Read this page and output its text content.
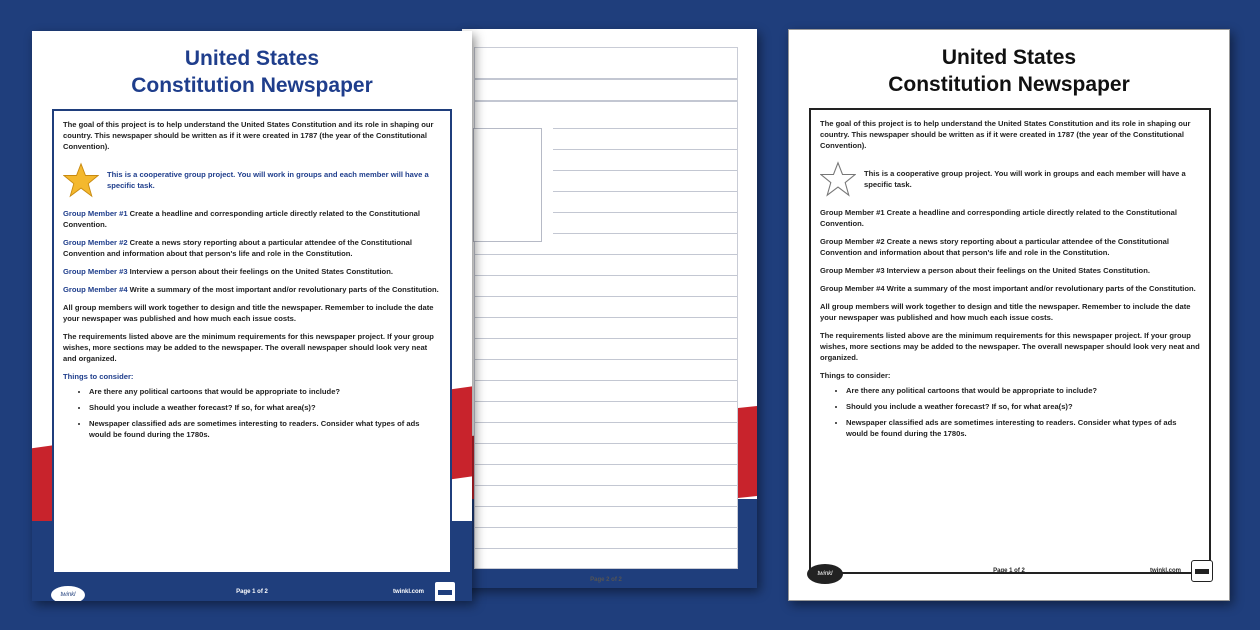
Page 2 of 2
United States
Constitution Newspaper

The goal of this project is to help understand the United States Constitution and its role in shaping our country. This newspaper should be written as if it were created in 1787 (the year of the Constitutional Convention).

This is a cooperative group project. You will work in groups and each member will have a specific task.

Group Member #1 Create a headline and corresponding article directly related to the Constitutional Convention.

Group Member #2 Create a news story reporting about a particular attendee of the Constitutional Convention and information about that person's life and role in the Constitution.

Group Member #3 Interview a person about their feelings on the United States Constitution.

Group Member #4 Write a summary of the most important and/or revolutionary parts of the Constitution.

All group members will work together to design and title the newspaper. Remember to include the date your newspaper was published and how much each issue costs.

The requirements listed above are the minimum requirements for this newspaper project. If your group wishes, more sections may be added to the newspaper. The overall newspaper should look very neat and organized.

Things to consider:
• Are there any political cartoons that would be appropriate to include?
• Should you include a weather forecast? If so, for what area(s)?
• Newspaper classified ads are sometimes interesting to readers. Consider what types of ads would be found during the 1780s.
twinkl	Page 1 of 2	twinkl.com
United States
Constitution Newspaper

The goal of this project is to help understand the United States Constitution and its role in shaping our country. This newspaper should be written as if it were created in 1787 (the year of the Constitutional Convention).

This is a cooperative group project. You will work in groups and each member will have a specific task.

Group Member #1 Create a headline and corresponding article directly related to the Constitutional Convention.

Group Member #2 Create a news story reporting about a particular attendee of the Constitutional Convention and information about that person's life and role in the Constitution.

Group Member #3 Interview a person about their feelings on the United States Constitution.

Group Member #4 Write a summary of the most important and/or revolutionary parts of the Constitution.

All group members will work together to design and title the newspaper. Remember to include the date your newspaper was published and how much each issue costs.

The requirements listed above are the minimum requirements for this newspaper project. If your group wishes, more sections may be added to the newspaper. The overall newspaper should look very neat and organized.

Things to consider:
• Are there any political cartoons that would be appropriate to include?
• Should you include a weather forecast? If so, for what area(s)?
• Newspaper classified ads are sometimes interesting to readers. Consider what types of ads would be found during the 1780s.
twinkl	Page 1 of 2	twinkl.com
